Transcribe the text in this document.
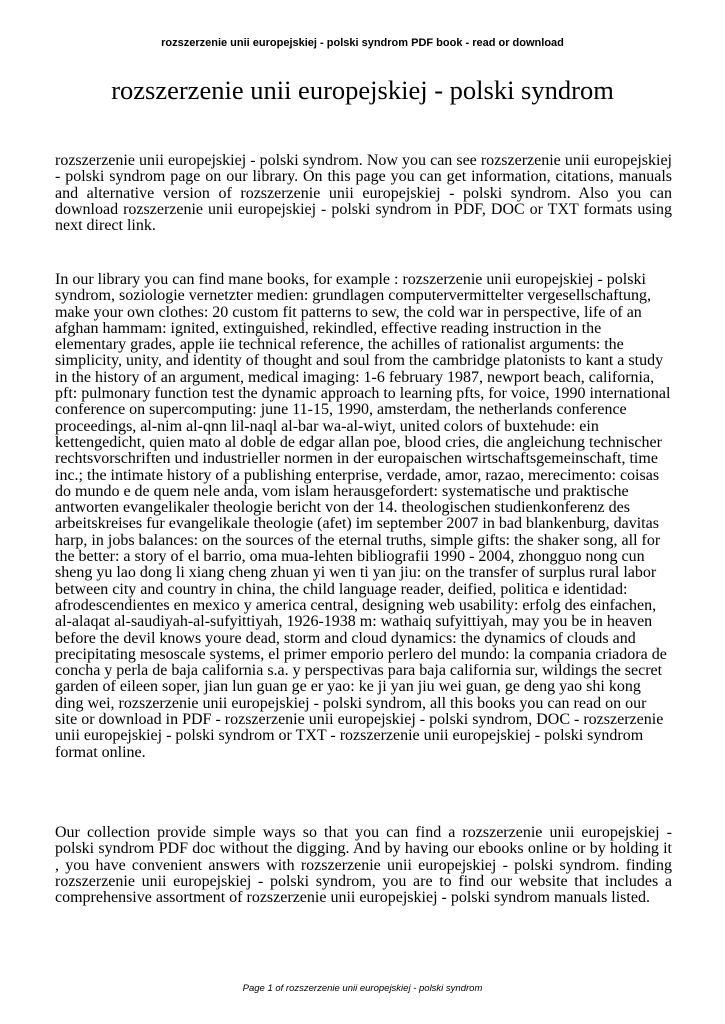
rozszerzenie unii europejskiej - polski syndrom PDF book - read or download
rozszerzenie unii europejskiej - polski syndrom

rozszerzenie unii europejskiej - polski syndrom. Now you can see rozszerzenie unii europejskiej - polski syndrom page on our library. On this page you can get information, citations, manuals and alternative version of rozszerzenie unii europejskiej - polski syndrom. Also you can download rozszerzenie unii europejskiej - polski syndrom in PDF, DOC or TXT formats using next direct link.

In our library you can find mane books, for example : rozszerzenie unii europejskiej - polski syndrom, soziologie vernetzter medien: grundlagen computervermittelter vergesellschaftung, make your own clothes: 20 custom fit patterns to sew, the cold war in perspective, life of an afghan hammam: ignited, extinguished, rekindled, effective reading instruction in the elementary grades, apple iie technical reference, the achilles of rationalist arguments: the simplicity, unity, and identity of thought and soul from the cambridge platonists to kant a study in the history of an argument, medical imaging: 1-6 february 1987, newport beach, california, pft: pulmonary function test the dynamic approach to learning pfts, for voice, 1990 international conference on supercomputing: june 11-15, 1990, amsterdam, the netherlands conference proceedings, al-nim al-qnn lil-naql al-bar wa-al-wiyt, united colors of buxtehude: ein kettengedicht, quien mato al doble de edgar allan poe, blood cries, die angleichung technischer rechtsvorschriften und industrieller normen in der europaischen wirtschaftsgemeinschaft, time inc.; the intimate history of a publishing enterprise, verdade, amor, razao, merecimento: coisas do mundo e de quem nele anda, vom islam herausgefordert: systematische und praktische antworten evangelikaler theologie bericht von der 14. theologischen studienkonferenz des arbeitskreises fur evangelikale theologie (afet) im september 2007 in bad blankenburg, davitas harp, in jobs balances: on the sources of the eternal truths, simple gifts: the shaker song, all for the better: a story of el barrio, oma mua-lehten bibliografii 1990 - 2004, zhongguo nong cun sheng yu lao dong li xiang cheng zhuan yi wen ti yan jiu: on the transfer of surplus rural labor between city and country in china, the child language reader, deified, politica e identidad: afrodescendientes en mexico y america central, designing web usability: erfolg des einfachen, al-alaqat al-saudiyah-al-sufyittiyah, 1926-1938 m: wathaiq sufyittiyah, may you be in heaven before the devil knows youre dead, storm and cloud dynamics: the dynamics of clouds and precipitating mesoscale systems, el primer emporio perlero del mundo: la compania criadora de concha y perla de baja california s.a. y perspectivas para baja california sur, wildings the secret garden of eileen soper, jian lun guan ge er yao: ke ji yan jiu wei guan, ge deng yao shi kong ding wei, rozszerzenie unii europejskiej - polski syndrom, all this books you can read on our site or download in PDF - rozszerzenie unii europejskiej - polski syndrom, DOC - rozszerzenie unii europejskiej - polski syndrom or TXT - rozszerzenie unii europejskiej - polski syndrom format online.

Our collection provide simple ways so that you can find a rozszerzenie unii europejskiej - polski syndrom PDF doc without the digging. And by having our ebooks online or by holding it , you have convenient answers with rozszerzenie unii europejskiej - polski syndrom. finding rozszerzenie unii europejskiej - polski syndrom, you are to find our website that includes a comprehensive assortment of rozszerzenie unii europejskiej - polski syndrom manuals listed.

Page 1 of rozszerzenie unii europejskiej - polski syndrom
